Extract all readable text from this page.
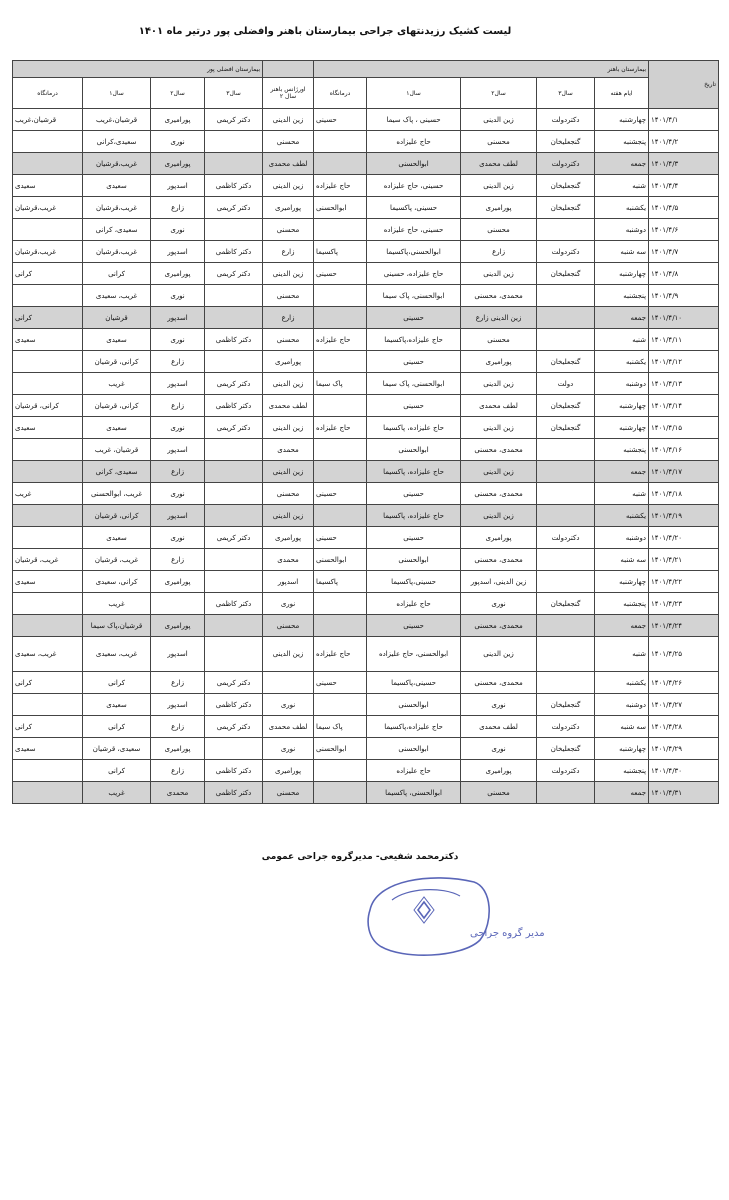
لیست کشیک رزیدنتهای جراحی بیمارستان باهنر وافضلی پور درتیر ماه ۱۴۰۱
تاریخ	بیمارستان باهنر						بیمارستان افضلی پور			
	ایام هفته	سال۳	سال۲	سال۱	درمانگاه	اورژانس باهنر سال ۲	سال۳	سال۲	سال۱	درمانگاه
۱۴۰۱/۴/۱	چهارشنبه	دکتردولت	زین الدینی	حسینی ، پاک سیما	حسینی	زین الدینی	دکتر کریمی	پورامیری	قرشیان،غریب	قرشیان،غریب
۱۴۰۱/۴/۲	پنجشنبه	گنجعلیخان	محسنی	حاج علیزاده		محسنی		نوری	سعیدی،کرانی	
۱۴۰۱/۴/۳	جمعه	دکتردولت	لطف محمدی	ابوالحسنی		لطف محمدی		پورامیری	غریب،قرشیان	
۱۴۰۱/۴/۴	شنبه	گنجعلیخان	زین الدینی	حسینی، حاج علیزاده	حاج علیزاده	زین الدینی	دکتر کاظمی	اسدپور	سعیدی	سعیدی
۱۴۰۱/۴/۵	یکشنبه	گنجعلیخان	پورامیری	حسینی، پاکسیما	ابوالحسنی	پورامیری	دکتر کریمی	زارع	غریب،قرشیان	غریب،قرشیان
۱۴۰۱/۴/۶	دوشنبه		محسنی	حسینی، حاج علیزاده		محسنی		نوری	سعیدی، کرانی	
۱۴۰۱/۴/۷	سه شنبه	دکتردولت	زارع	ابوالحسنی،پاکسیما	پاکسیما	زارع	دکتر کاظمی	اسدپور	غریب،قرشیان	غریب،قرشیان
۱۴۰۱/۴/۸	چهارشنبه	گنجعلیخان	زین الدینی	حاج علیزاده، حسینی	حسینی	زین الدینی	دکتر کریمی	پورامیری	کرانی	کرانی
۱۴۰۱/۴/۹	پنجشنبه		محمدی، محسنی	ابوالحسنی، پاک سیما		محسنی		نوری	غریب، سعیدی	
۱۴۰۱/۴/۱۰	جمعه		زین الدینی زارع	حسینی		زارع		اسدپور	قرشیان	کرانی
۱۴۰۱/۴/۱۱	شنبه		محسنی	حاج علیزاده،پاکسیما	حاج علیزاده	محسنی	دکتر کاظمی	نوری	سعیدی	سعیدی
۱۴۰۱/۴/۱۲	یکشنبه	گنجعلیخان	پورامیری	حسینی		پورامیری		زارع	کرانی، قرشیان	
۱۴۰۱/۴/۱۳	دوشنبه	دولت	زین الدینی	ابوالحسنی، پاک سیما	پاک سیما	زین الدینی	دکتر کریمی	اسدپور	غریب	
۱۴۰۱/۴/۱۴	چهارشنبه	گنجعلیخان	لطف محمدی	حسینی		لطف محمدی	دکتر کاظمی	زارع	کرانی، قرشیان	کرانی، قرشیان
۱۴۰۱/۴/۱۵	چهارشنبه	گنجعلیخان	زین الدینی	حاج علیزاده، پاکسیما	حاج علیزاده	زین الدینی	دکتر کریمی	نوری	سعیدی	سعیدی
۱۴۰۱/۴/۱۶	پنجشنبه		محمدی، محسنی	ابوالحسنی		محمدی		اسدپور	قرشیان، غریب	
۱۴۰۱/۴/۱۷	جمعه		زین الدینی	حاج علیزاده، پاکسیما		زین الدینی		زارع	سعیدی، کرانی	
۱۴۰۱/۴/۱۸	شنبه		محمدی، محسنی	حسینی	حسینی	محسنی		نوری	غریب، ابوالحسنی	غریب
۱۴۰۱/۴/۱۹	یکشنبه		زین الدینی	حاج علیزاده، پاکسیما		زین الدینی		اسدپور	کرانی، قرشیان	
۱۴۰۱/۴/۲۰	دوشنبه	دکتردولت	پورامیری	حسینی	حسینی	پورامیری	دکتر کریمی	نوری	سعیدی	
۱۴۰۱/۴/۲۱	سه شنبه		محمدی، محسنی	ابوالحسنی	ابوالحسنی	محمدی		زارع	غریب، قرشیان	غریب، قرشیان
۱۴۰۱/۴/۲۲	چهارشنبه		زین الدینی، اسدپور	حسینی،پاکسیما	پاکسیما	اسدپور		پورامیری	کرانی، سعیدی	سعیدی
۱۴۰۱/۴/۲۳	پنجشنبه	گنجعلیخان	نوری	حاج علیزاده		نوری	دکتر کاظمی		غریب	
۱۴۰۱/۴/۲۴	جمعه		محمدی، محسنی	حسینی		محسنی		پورامیری	قرشیان،پاک سیما	
۱۴۰۱/۴/۲۵	شنبه		زین الدینی	ابوالحسنی، حاج علیزاده	حاج علیزاده	زین الدینی		اسدپور	غریب، سعیدی	غریب، سعیدی
۱۴۰۱/۴/۲۶	یکشنبه		محمدی، محسنی	حسینی،پاکسیما	حسینی		دکتر کریمی	زارع	کرانی	کرانی
۱۴۰۱/۴/۲۷	دوشنبه	گنجعلیخان	نوری	ابوالحسنی		نوری	دکتر کاظمی	اسدپور	سعیدی	
۱۴۰۱/۴/۲۸	سه شنبه	دکتردولت	لطف محمدی	حاج علیزاده،پاکسیما	پاک سیما	لطف محمدی	دکتر کریمی	زارع	کرانی	کرانی
۱۴۰۱/۴/۲۹	چهارشنبه	گنجعلیخان	نوری	ابوالحسنی	ابوالحسنی	نوری		پورامیری	سعیدی، قرشیان	سعیدی
۱۴۰۱/۴/۳۰	پنجشنبه	دکتردولت	پورامیری	حاج علیزاده		پورامیری	دکتر کاظمی	زارع	کرانی	
۱۴۰۱/۴/۳۱	جمعه		محسنی	ابوالحسنی، پاکسیما		محسنی	دکتر کاظمی	محمدی	غریب	
دکترمحمد شفیعی- مدیرگروه جراحی عمومی
مدیر گروه جراحی
